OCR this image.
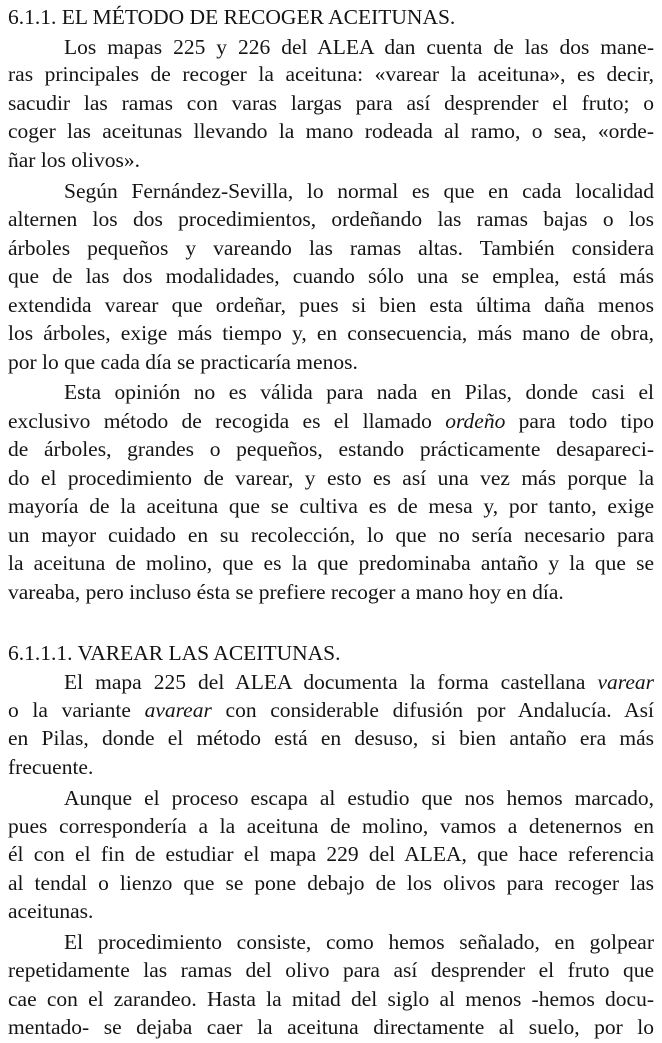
6.1.1. EL MÉTODO DE RECOGER ACEITUNAS.
Los mapas 225 y 226 del ALEA dan cuenta de las dos mane-
ras principales de recoger la aceituna: «varear la aceituna», es decir,
sacudir las ramas con varas largas para así desprender el fruto; o
coger las aceitunas llevando la mano rodeada al ramo, o sea, «orde-
ñar los olivos».
Según Fernández-Sevilla, lo normal es que en cada localidad
alternen los dos procedimientos, ordeñando las ramas bajas o los
árboles pequeños y vareando las ramas altas. También considera
que de las dos modalidades, cuando sólo una se emplea, está más
extendida varear que ordeñar, pues si bien esta última daña menos
los árboles, exige más tiempo y, en consecuencia, más mano de obra,
por lo que cada día se practicaría menos.
Esta opinión no es válida para nada en Pilas, donde casi el
exclusivo método de recogida es el llamado ordeño para todo tipo
de árboles, grandes o pequeños, estando prácticamente desapareci-
do el procedimiento de varear, y esto es así una vez más porque la
mayoría de la aceituna que se cultiva es de mesa y, por tanto, exige
un mayor cuidado en su recolección, lo que no sería necesario para
la aceituna de molino, que es la que predominaba antaño y la que se
vareaba, pero incluso ésta se prefiere recoger a mano hoy en día.
6.1.1.1. VAREAR LAS ACEITUNAS.
El mapa 225 del ALEA documenta la forma castellana varear
o la variante avarear con considerable difusión por Andalucía. Así
en Pilas, donde el método está en desuso, si bien antaño era más
frecuente.
Aunque el proceso escapa al estudio que nos hemos marcado,
pues correspondería a la aceituna de molino, vamos a detenernos en
él con el fin de estudiar el mapa 229 del ALEA, que hace referencia
al tendal o lienzo que se pone debajo de los olivos para recoger las
aceitunas.
El procedimiento consiste, como hemos señalado, en golpear
repetidamente las ramas del olivo para así desprender el fruto que
cae con el zarandeo. Hasta la mitad del siglo al menos -hemos docu-
mentado- se dejaba caer la aceituna directamente al suelo, por lo
